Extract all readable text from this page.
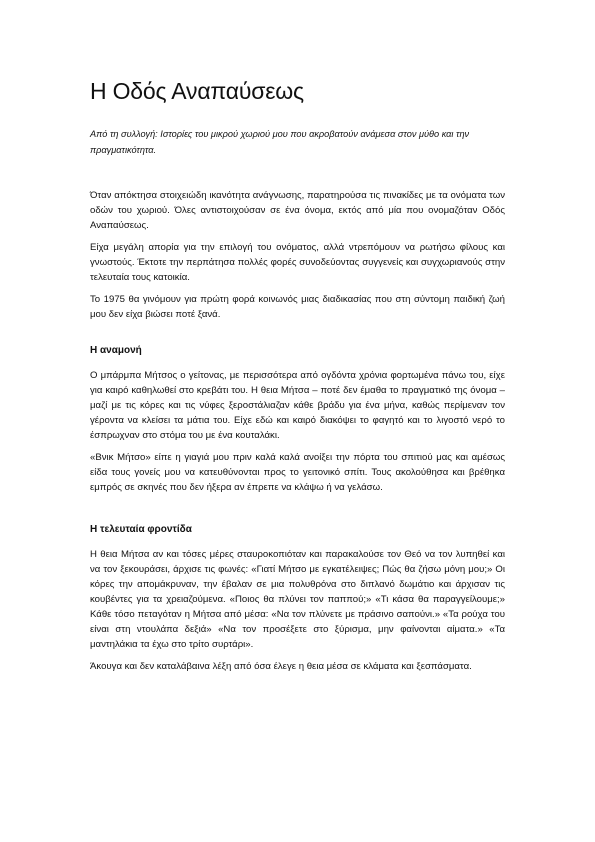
Η Οδός Αναπαύσεως
Από τη συλλογή: Ιστορίες του μικρού χωριού μου που ακροβατούν ανάμεσα στον μύθο και την πραγματικότητα.

Όταν απόκτησα στοιχειώδη ικανότητα ανάγνωσης, παρατηρούσα τις πινακίδες με τα ονόματα των οδών του χωριού. Όλες αντιστοιχούσαν σε ένα όνομα, εκτός από μία που ονομαζόταν Οδός Αναπαύσεως.

Είχα μεγάλη απορία για την επιλογή του ονόματος, αλλά ντρεπόμουν να ρωτήσω φίλους και γνωστούς. Έκτοτε την περπάτησα πολλές φορές συνοδεύοντας συγγενείς και συγχωριανούς στην τελευταία τους κατοικία.

Το 1975 θα γινόμουν για πρώτη φορά κοινωνός μιας διαδικασίας που στη σύντομη παιδική ζωή μου δεν είχα βιώσει ποτέ ξανά.

Η αναμονή

Ο μπάρμπα Μήτσος ο γείτονας, με περισσότερα από ογδόντα χρόνια φορτωμένα πάνω του, είχε για καιρό καθηλωθεί στο κρεβάτι του. Η θεια Μήτσα – ποτέ δεν έμαθα το πραγματικό της όνομα – μαζί με τις κόρες και τις νύφες ξεροστάλιαζαν κάθε βράδυ για ένα μήνα, καθώς περίμεναν τον γέροντα να κλείσει τα μάτια του. Είχε εδώ και καιρό διακόψει το φαγητό και το λιγοστό νερό το έσπρωχναν στο στόμα του με ένα κουταλάκι.

«Βνικ Μήτσο» είπε η γιαγιά μου πριν καλά καλά ανοίξει την πόρτα του σπιτιού μας και αμέσως είδα τους γονείς μου να κατευθύνονται προς το γειτονικό σπίτι. Τους ακολούθησα και βρέθηκα εμπρός σε σκηνές που δεν ήξερα αν έπρεπε να κλάψω ή να γελάσω.

Η τελευταία φροντίδα

Η θεια Μήτσα αν και τόσες μέρες σταυροκοπιόταν και παρακαλούσε τον Θεό να τον λυπηθεί και να τον ξεκουράσει, άρχισε τις φωνές: «Γιατί Μήτσο με εγκατέλειψες; Πώς θα ζήσω μόνη μου;» Οι κόρες την απομάκρυναν, την έβαλαν σε μια πολυθρόνα στο διπλανό δωμάτιο και άρχισαν τις κουβέντες για τα χρειαζούμενα. «Ποιος θα πλύνει τον παππού;» «Τι κάσα θα παραγγείλουμε;» Κάθε τόσο πεταγόταν η Μήτσα από μέσα: «Να τον πλύνετε με πράσινο σαπούνι.» «Τα ρούχα του είναι στη ντουλάπα δεξιά» «Να τον προσέξετε στο ξύρισμα, μην φαίνονται αίματα.» «Τα μαντηλάκια τα έχω στο τρίτο συρτάρι».

Άκουγα και δεν καταλάβαινα λέξη από όσα έλεγε η θεια μέσα σε κλάματα και ξεσπάσματα.
